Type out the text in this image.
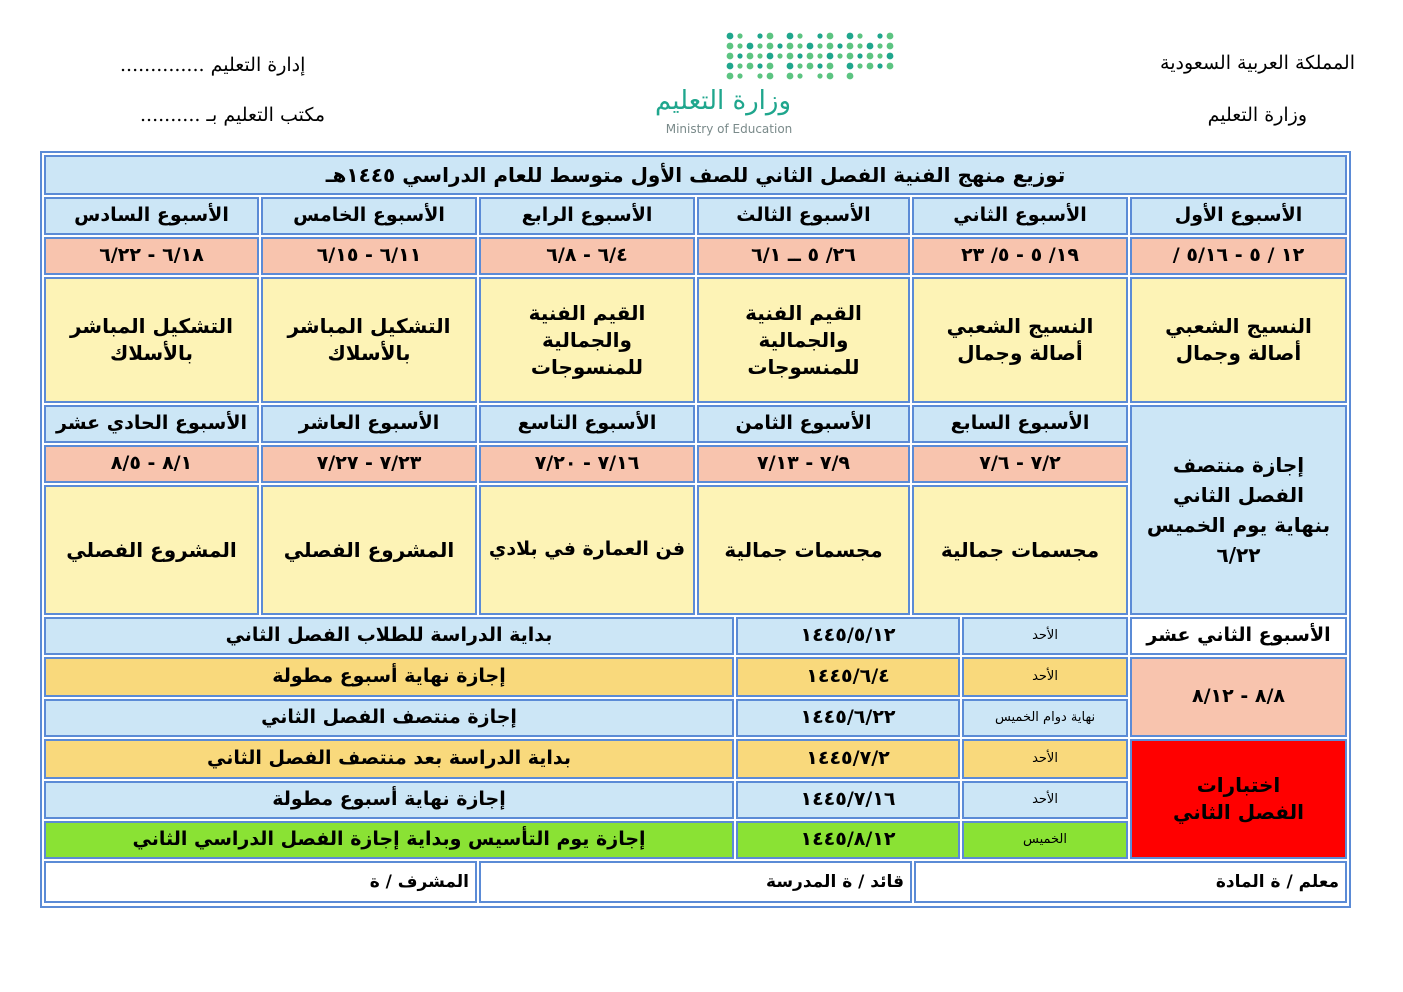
المملكة العربية السعودية
وزارة التعليم
إدارة التعليم ..............
مكتب التعليم بـ ..........	وزارة التعليم
Ministry of Education
توزيع منهج الفنية الفصل الثاني للصف الأول متوسط للعام الدراسي ١٤٤٥هـ
الأسبوع الأول
الأسبوع الثاني
الأسبوع الثالث
الأسبوع الرابع
الأسبوع الخامس
الأسبوع السادس
١٢ / ٥ - ٥/١٦ /
١٩/ ٥ - ٥/ ٢٣
٢٦/ ٥ ــ ٦/١
٦/٤ - ٦/٨
٦/١١ - ٦/١٥
٦/١٨ - ٦/٢٢
النسيج الشعبي أصالة وجمال
النسيج الشعبي أصالة وجمال
القيم الفنية والجمالية للمنسوجات
القيم الفنية والجمالية للمنسوجات
التشكيل المباشر بالأسلاك
التشكيل المباشر بالأسلاك
إجازة منتصف الفصل الثاني بنهاية يوم الخميس ٦/٢٢
الأسبوع السابع
الأسبوع الثامن
الأسبوع التاسع
الأسبوع العاشر
الأسبوع الحادي عشر
٧/٢ - ٧/٦
٧/٩ - ٧/١٣
٧/١٦ - ٧/٢٠
٧/٢٣ - ٧/٢٧
٨/١ - ٨/٥
مجسمات جمالية
مجسمات جمالية
فن العمارة في بلادي
المشروع الفصلي
المشروع الفصلي
الأسبوع الثاني عشر
٨/٨ - ٨/١٢
اختبارات الفصل الثاني
الأحد
١٤٤٥/٥/١٢
بداية الدراسة للطلاب الفصل الثاني
الأحد
١٤٤٥/٦/٤
إجازة نهاية أسبوع مطولة
نهاية دوام الخميس
١٤٤٥/٦/٢٢
إجازة منتصف الفصل الثاني
الأحد
١٤٤٥/٧/٢
بداية الدراسة بعد منتصف الفصل الثاني
الأحد
١٤٤٥/٧/١٦
إجازة نهاية أسبوع مطولة
الخميس
١٤٤٥/٨/١٢
إجازة يوم التأسيس وبداية إجازة الفصل الدراسي الثاني
معلم / ة المادة
قائد / ة المدرسة
المشرف / ة
